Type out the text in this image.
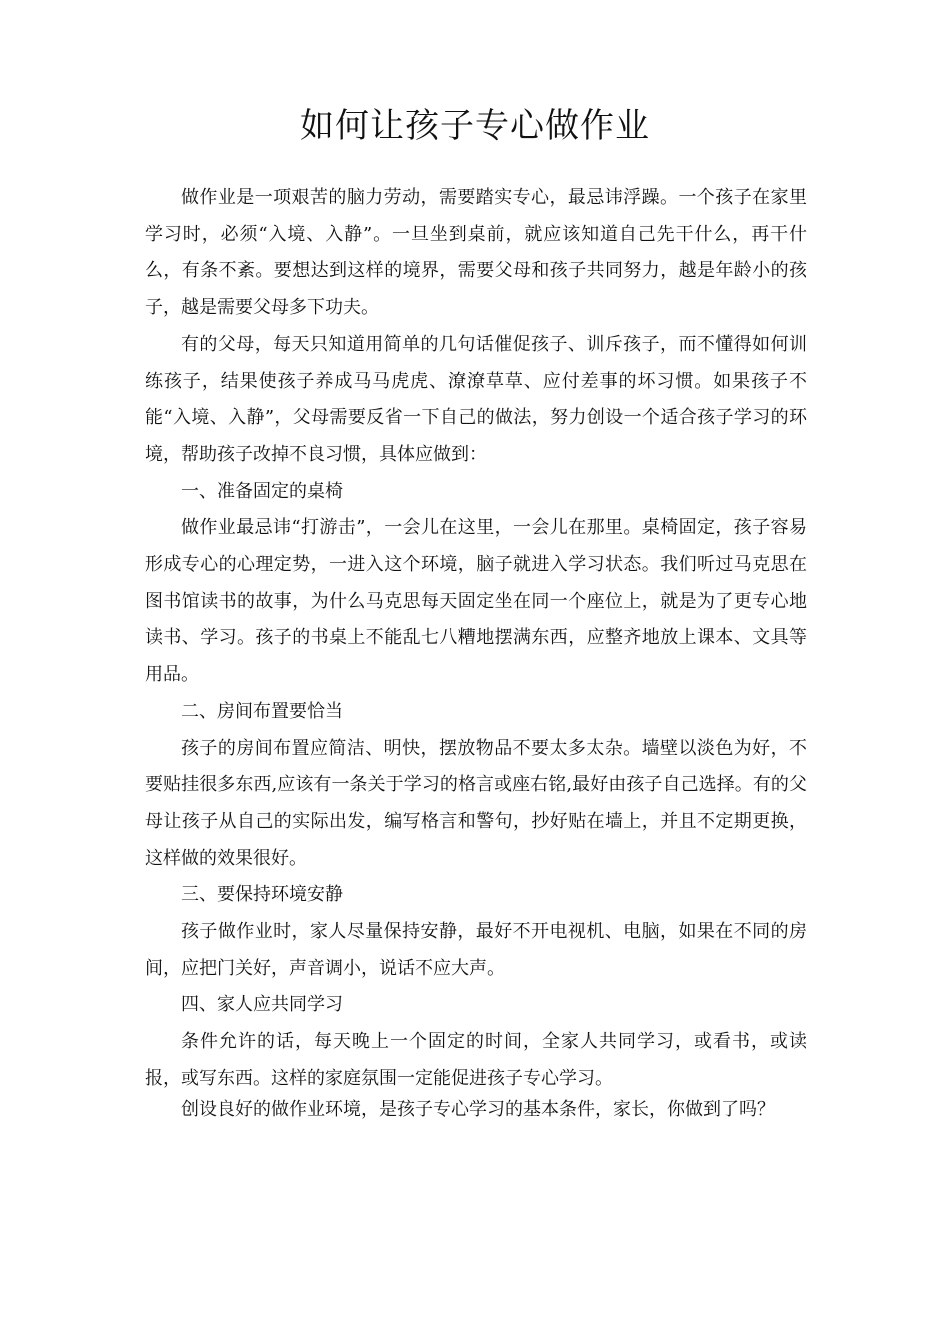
如何让孩子专心做作业

做作业是一项艰苦的脑力劳动，需要踏实专心，最忌讳浮躁。一个孩子在家里学习时，必须“入境、入静”。一旦坐到桌前，就应该知道自己先干什么，再干什么，有条不紊。要想达到这样的境界，需要父母和孩子共同努力，越是年龄小的孩子，越是需要父母多下功夫。

有的父母，每天只知道用简单的几句话催促孩子、训斥孩子，而不懂得如何训练孩子，结果使孩子养成马马虎虎、潦潦草草、应付差事的坏习惯。如果孩子不能“入境、入静”，父母需要反省一下自己的做法，努力创设一个适合孩子学习的环境，帮助孩子改掉不良习惯，具体应做到：

一、准备固定的桌椅

做作业最忌讳“打游击”，一会儿在这里，一会儿在那里。桌椅固定，孩子容易形成专心的心理定势，一进入这个环境，脑子就进入学习状态。我们听过马克思在图书馆读书的故事，为什么马克思每天固定坐在同一个座位上，就是为了更专心地读书、学习。孩子的书桌上不能乱七八糟地摆满东西，应整齐地放上课本、文具等用品。

二、房间布置要恰当

孩子的房间布置应简洁、明快，摆放物品不要太多太杂。墙壁以淡色为好，不要贴挂很多东西,应该有一条关于学习的格言或座右铭,最好由孩子自己选择。有的父母让孩子从自己的实际出发，编写格言和警句，抄好贴在墙上，并且不定期更换，这样做的效果很好。

三、要保持环境安静

孩子做作业时，家人尽量保持安静，最好不开电视机、电脑，如果在不同的房间，应把门关好，声音调小，说话不应大声。

四、家人应共同学习

条件允许的话，每天晚上一个固定的时间，全家人共同学习，或看书，或读报，或写东西。这样的家庭氛围一定能促进孩子专心学习。

创设良好的做作业环境，是孩子专心学习的基本条件，家长，你做到了吗？
